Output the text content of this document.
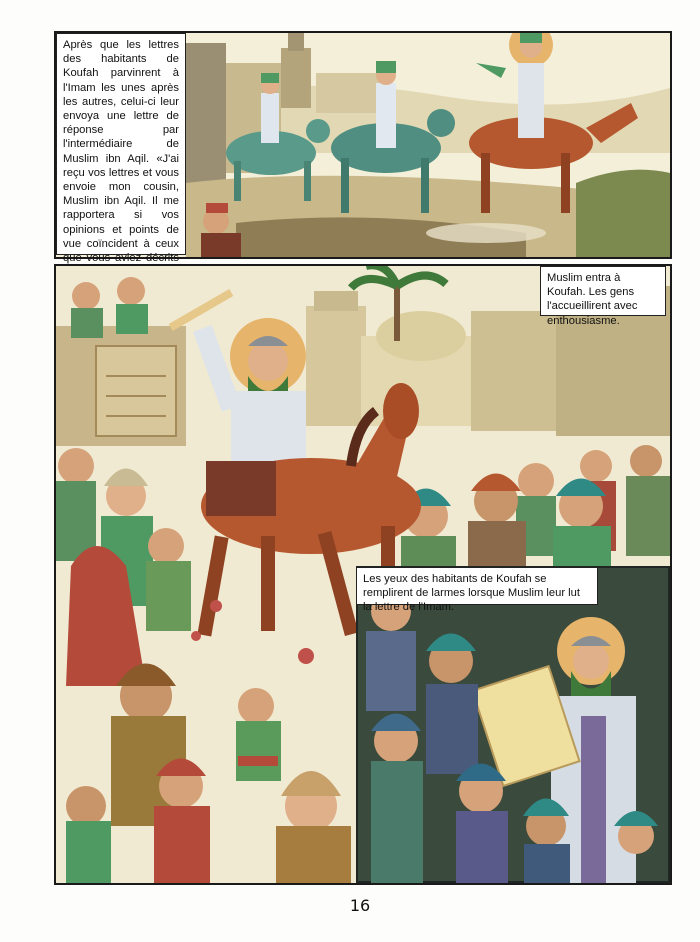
Après que les lettres des habitants de Koufah parvinrent à l'Imam les unes après les autres, celui-ci leur envoya une lettre de réponse par l'intermédiaire de Muslim ibn Aqil. «J'ai reçu vos lettres et vous envoie mon cousin, Muslim ibn Aqil. Il me rapportera si vos opinions et points de vue coïncident à ceux que vous aviez décrits
Muslim entra à Koufah. Les gens l'accueillirent avec enthousiasme.
Les yeux des habitants de Koufah se remplirent de larmes lorsque Muslim leur lut la lettre de l'Imam.
16
